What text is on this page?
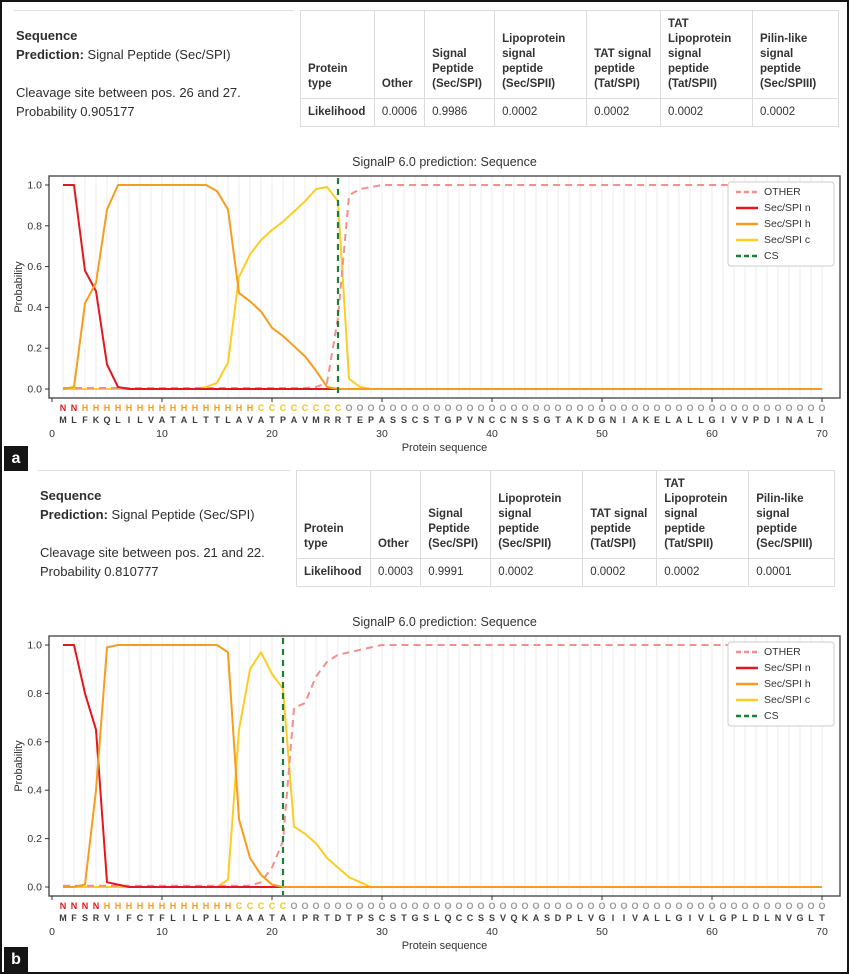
Sequence
Prediction: Signal Peptide (Sec/SPI)
Cleavage site between pos. 26 and 27.
Probability 0.905177
Protein type	Other	Signal Peptide (Sec/SPI)	Lipoprotein signal peptide (Sec/SPII)	TAT signal peptide (Tat/SPI)	TAT Lipoprotein signal peptide (Tat/SPII)	Pilin-like signal peptide (Sec/SPIII)
Likelihood	0.0006	0.9986	0.0002	0.0002	0.0002	0.0002
SignalP 6.0 prediction: Sequence
0.0
0.2
0.4
0.6
0.8
1.0
0	10	20	30	40	50	60	70
N
M
N
L
H
F
H
K
H
Q
H
L
H
I
H
L
H
V
H
A
H
T
H
A
H
L
H
T
H
T
H
L
H
A
H
V
C
A
C
T
C
P
C
A
C
V
C
M
C
R
C
R
O
T
O
E
O
P
O
A
O
S
O
S
O
C
O
S
O
T
O
G
O
P
O
V
O
N
O
C
O
C
O
N
O
S
O
S
O
G
O
T
O
A
O
K
O
D
O
G
O
N
O
I
O
A
O
K
O
E
O
L
O
A
O
L
O
L
O
G
O
I
O
V
O
V
O
P
O
D
O
I
O
N
O
A
O
L
O
I
Protein sequence
Probability
OTHER
Sec/SPI n
Sec/SPI h
Sec/SPI c
CS
Sequence
Prediction: Signal Peptide (Sec/SPI)
Cleavage site between pos. 21 and 22.
Probability 0.810777
Protein type	Other	Signal Peptide (Sec/SPI)	Lipoprotein signal peptide (Sec/SPII)	TAT signal peptide (Tat/SPI)	TAT Lipoprotein signal peptide (Tat/SPII)	Pilin-like signal peptide (Sec/SPIII)
Likelihood	0.0003	0.9991	0.0002	0.0002	0.0002	0.0001
SignalP 6.0 prediction: Sequence
0.0
0.2
0.4
0.6
0.8
1.0
0	10	20	30	40	50	60	70
N
M
N
F
N
S
N
R
H
V
H
I
H
F
H
C
H
T
H
F
H
L
H
I
H
L
H
P
H
L
H
L
C
A
C
A
C
A
C
T
C
A
O
I
O
P
O
R
O
T
O
D
O
T
O
P
O
S
O
C
O
S
O
T
O
G
O
S
O
L
O
Q
O
C
O
C
O
S
O
S
O
V
O
Q
O
K
O
A
O
S
O
D
O
P
O
L
O
V
O
G
O
I
O
I
O
V
O
A
O
L
O
L
O
G
O
I
O
V
O
L
O
G
O
P
O
L
O
D
O
L
O
N
O
V
O
G
O
L
O
T
Protein sequence
Probability
OTHER
Sec/SPI n
Sec/SPI h
Sec/SPI c
CS
a
b
